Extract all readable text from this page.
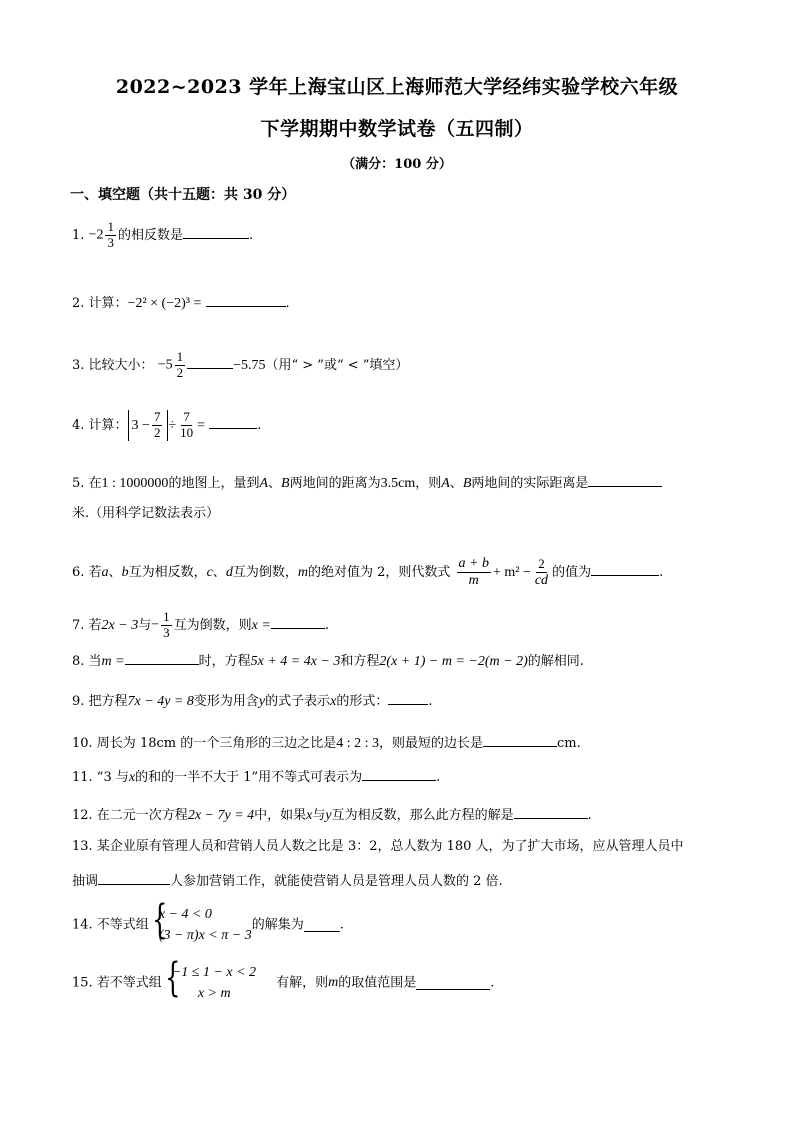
2022~2023 学年上海宝山区上海师范大学经纬实验学校六年级
下学期期中数学试卷（五四制）
（满分：100 分）
一、填空题（共十五题：共 30 分）
1. $-2 \frac{1}{3}$ 的相反数是	.
2. 计算：−2² × (−2)³ =	.
3. 比较大小： $-5 \frac{1}{2}$	−5.75（用“ > ”或“ < ”填空）
4. 计算： $3 - \frac{7}{2} \div \frac{7}{10}$ =	.
5. 在1 : 1000000的地图上，量到A、B两地间的距离为3.5cm，则A、B两地间的实际距离是
米.（用科学记数法表示）
6. 若a、b互为相反数，c、d互为倒数，m的绝对值为 2，则代数式 $\frac{a + b}{m} + m^2 - \frac{2}{cd}$ 的值为	.
7. 若2x − 3与− $\frac{1}{3}$ 互为倒数，则x =	.
8. 当m =	时，方程5x + 4 = 4x − 3和方程2(x + 1) − m = −2(m − 2)的解相同.
9. 把方程7x − 4y = 8变形为用含y的式子表示x的形式：	.
10. 周长为 18cm 的一个三角形的三边之比是4 : 2 : 3，则最短的边长是	cm.
11. “3 与x的和的一半不大于 1”用不等式可表示为	.
12. 在二元一次方程2x − 7y = 4中，如果x与y互为相反数，那么此方程的解是	.
13. 某企业原有管理人员和营销人员人数之比是 3：2，总人数为 180 人，为了扩大市场，应从管理人员中
抽调	人参加营销工作，就能使营销人员是管理人员人数的 2 倍.
14. 不等式组 {
x − 4 < 0
(3 − π)x < π − 3的解集为	.
15. 若不等式组 {
−1 ≤ 1 − x < 2
x > m有解，则m的取值范围是	.
